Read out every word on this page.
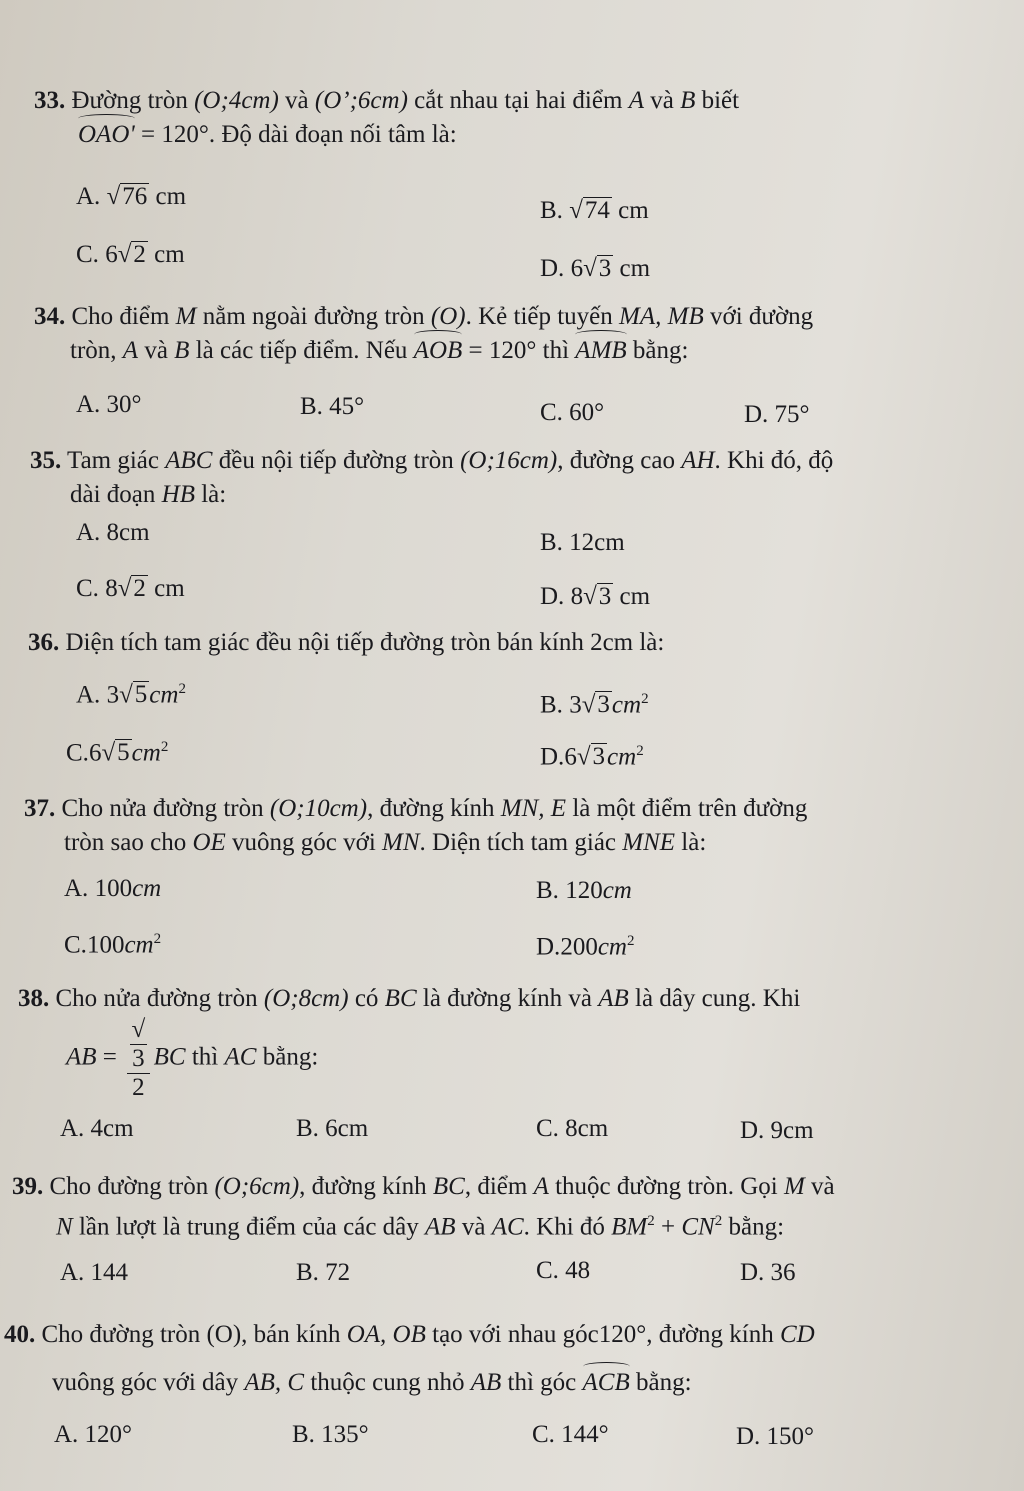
33. Đường tròn (O;4cm) và (O’;6cm) cắt nhau tại hai điểm A và B biết
OAO' = 120°. Độ dài đoạn nối tâm là:
A. √76 cm
B. √74 cm
C. 6√2 cm
D. 6√3 cm
34. Cho điểm M nằm ngoài đường tròn (O). Kẻ tiếp tuyến MA, MB với đường
tròn, A và B là các tiếp điểm. Nếu AOB = 120° thì AMB bằng:
A. 30°	B. 45°	C. 60°	D. 75°
35. Tam giác ABC đều nội tiếp đường tròn (O;16cm), đường cao AH. Khi đó, độ
dài đoạn HB là:
A. 8cm	B. 12cm
C. 8√2 cm	D. 8√3 cm
36. Diện tích tam giác đều nội tiếp đường tròn bán kính 2cm là:
A. $3√5cm^2$
B. $3√3cm^2$
$C.6√5cm^2$	$D.6√3cm^2$
37. Cho nửa đường tròn (O;10cm), đường kính MN, E là một điểm trên đường
tròn sao cho OE vuông góc với MN. Diện tích tam giác MNE là:
A. 100cm	B. 120cm
$C.100cm^2$	$D.200cm^2$
38. Cho nửa đường tròn (O;8cm) có BC là đường kính và AB là dây cung. Khi
AB = √
3
2 BC thì AC bằng:
A. 4cm	B. 6cm	C. 8cm	D. 9cm
39. Cho đường tròn (O;6cm), đường kính BC, điểm A thuộc đường tròn. Gọi M và
N lần lượt là trung điểm của các dây AB và AC. Khi đó $BM^2 + CN^2$ bằng:
A. 144	B. 72	C. 48	D. 36
40. Cho đường tròn (O), bán kính OA, OB tạo với nhau góc120°, đường kính CD
vuông góc với dây AB, C thuộc cung nhỏ AB thì góc ACB bằng:
A. 120°	B. 135°	C. 144°	D. 150°
